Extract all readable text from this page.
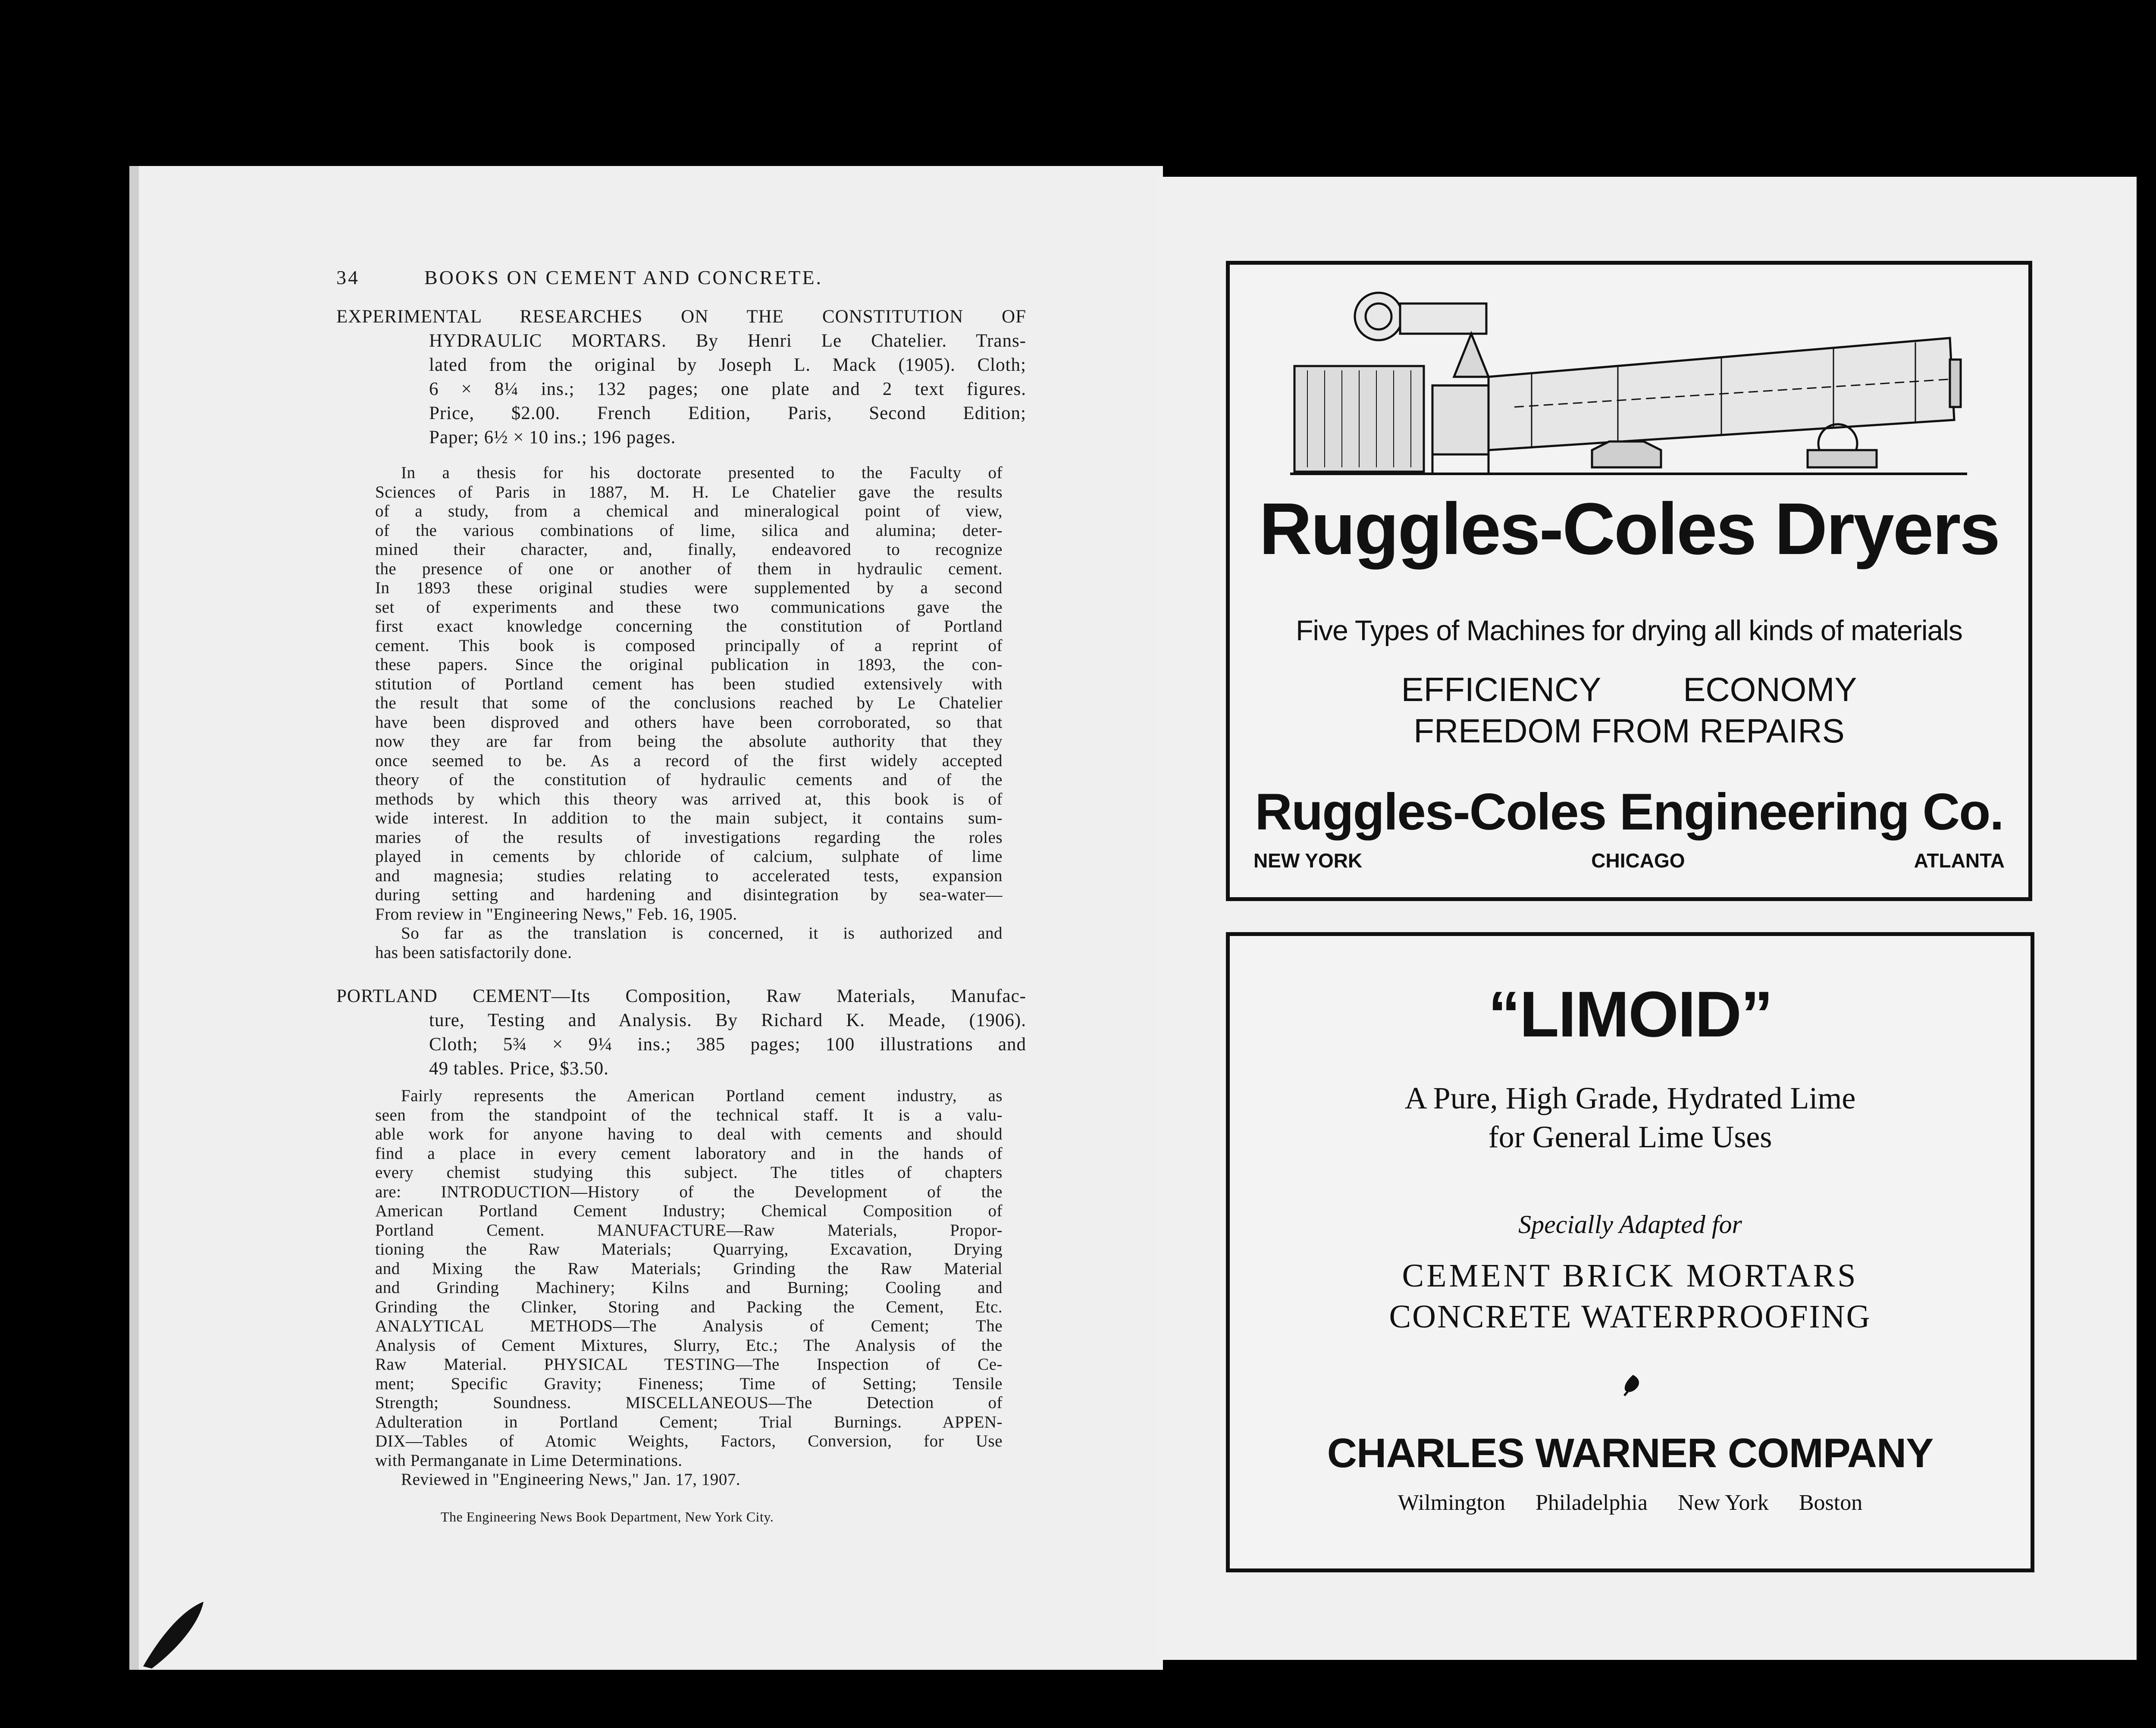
34	BOOKS ON CEMENT AND CONCRETE.
EXPERIMENTAL RESEARCHES ON THE CONSTITUTION OF
HYDRAULIC MORTARS. By Henri Le Chatelier. Trans-
lated from the original by Joseph L. Mack (1905). Cloth;
6 × 8¼ ins.; 132 pages; one plate and 2 text figures.
Price, $2.00. French Edition, Paris, Second Edition;
Paper; 6½ × 10 ins.; 196 pages.
In a thesis for his doctorate presented to the Faculty of
Sciences of Paris in 1887, M. H. Le Chatelier gave the results
of a study, from a chemical and mineralogical point of view,
of the various combinations of lime, silica and alumina; deter-
mined their character, and, finally, endeavored to recognize
the presence of one or another of them in hydraulic cement.
In 1893 these original studies were supplemented by a second
set of experiments and these two communications gave the
first exact knowledge concerning the constitution of Portland
cement. This book is composed principally of a reprint of
these papers. Since the original publication in 1893, the con-
stitution of Portland cement has been studied extensively with
the result that some of the conclusions reached by Le Chatelier
have been disproved and others have been corroborated, so that
now they are far from being the absolute authority that they
once seemed to be. As a record of the first widely accepted
theory of the constitution of hydraulic cements and of the
methods by which this theory was arrived at, this book is of
wide interest. In addition to the main subject, it contains sum-
maries of the results of investigations regarding the roles
played in cements by chloride of calcium, sulphate of lime
and magnesia; studies relating to accelerated tests, expansion
during setting and hardening and disintegration by sea-water—
From review in "Engineering News," Feb. 16, 1905.
So far as the translation is concerned, it is authorized and
has been satisfactorily done.
PORTLAND CEMENT—Its Composition, Raw Materials, Manufac-
ture, Testing and Analysis. By Richard K. Meade, (1906).
Cloth; 5¾ × 9¼ ins.; 385 pages; 100 illustrations and
49 tables. Price, $3.50.
Fairly represents the American Portland cement industry, as
seen from the standpoint of the technical staff. It is a valu-
able work for anyone having to deal with cements and should
find a place in every cement laboratory and in the hands of
every chemist studying this subject. The titles of chapters
are: INTRODUCTION—History of the Development of the
American Portland Cement Industry; Chemical Composition of
Portland Cement. MANUFACTURE—Raw Materials, Propor-
tioning the Raw Materials; Quarrying, Excavation, Drying
and Mixing the Raw Materials; Grinding the Raw Material
and Grinding Machinery; Kilns and Burning; Cooling and
Grinding the Clinker, Storing and Packing the Cement, Etc.
ANALYTICAL METHODS—The Analysis of Cement; The
Analysis of Cement Mixtures, Slurry, Etc.; The Analysis of the
Raw Material. PHYSICAL TESTING—The Inspection of Ce-
ment; Specific Gravity; Fineness; Time of Setting; Tensile
Strength; Soundness. MISCELLANEOUS—The Detection of
Adulteration in Portland Cement; Trial Burnings. APPEN-
DIX—Tables of Atomic Weights, Factors, Conversion, for Use
with Permanganate in Lime Determinations.
Reviewed in "Engineering News," Jan. 17, 1907.
The Engineering News Book Department, New York City.
Ruggles-Coles Dryers
Five Types of Machines for drying all kinds of materials
EFFICIENCY ECONOMY
FREEDOM FROM REPAIRS
Ruggles-Coles Engineering Co.
NEW YORK	CHICAGO	ATLANTA
“LIMOID”
A Pure, High Grade, Hydrated Lime
for General Lime Uses
Specially Adapted for
CEMENT BRICK MORTARS
CONCRETE WATERPROOFING
CHARLES WARNER COMPANY
Wilmington Philadelphia New York Boston
